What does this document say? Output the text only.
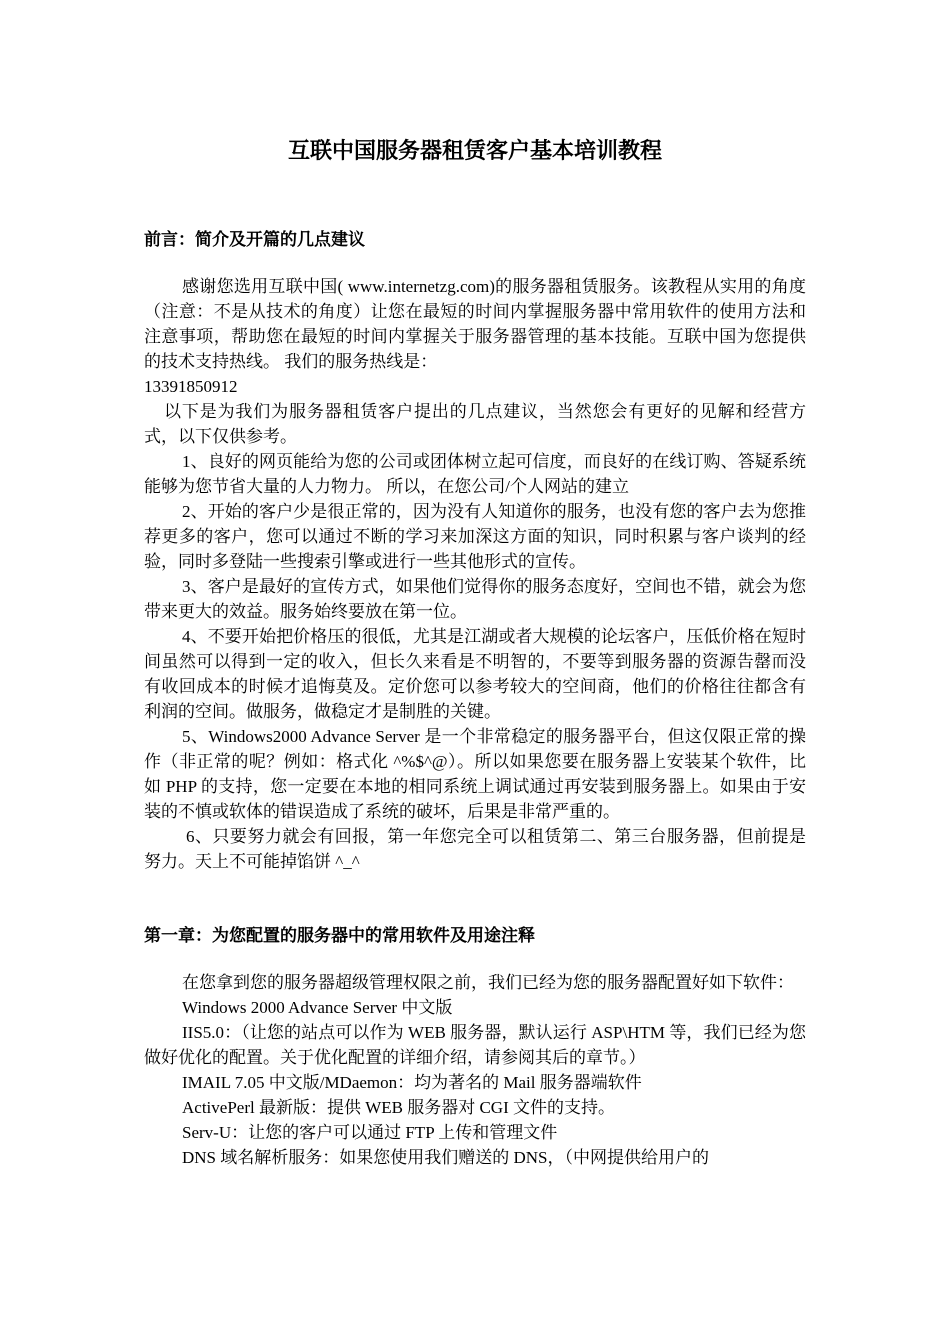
互联中国服务器租赁客户基本培训教程
前言：简介及开篇的几点建议

感谢您选用互联中国( www.internetzg.com)的服务器租赁服务。该教程从实用的角度（注意：不是从技术的角度）让您在最短的时间内掌握服务器中常用软件的使用方法和注意事项，帮助您在最短的时间内掌握关于服务器管理的基本技能。互联中国为您提供的技术支持热线。 我们的服务热线是：

13391850912

以下是为我们为服务器租赁客户提出的几点建议，当然您会有更好的见解和经营方式，以下仅供参考。

1、良好的网页能给为您的公司或团体树立起可信度，而良好的在线订购、答疑系统能够为您节省大量的人力物力。 所以，在您公司/个人网站的建立

2、开始的客户少是很正常的，因为没有人知道你的服务，也没有您的客户去为您推荐更多的客户，您可以通过不断的学习来加深这方面的知识，同时积累与客户谈判的经验，同时多登陆一些搜索引擎或进行一些其他形式的宣传。

3、客户是最好的宣传方式，如果他们觉得你的服务态度好，空间也不错，就会为您带来更大的效益。服务始终要放在第一位。

4、不要开始把价格压的很低，尤其是江湖或者大规模的论坛客户，压低价格在短时间虽然可以得到一定的收入，但长久来看是不明智的，不要等到服务器的资源告罄而没有收回成本的时候才追悔莫及。定价您可以参考较大的空间商，他们的价格往往都含有利润的空间。做服务，做稳定才是制胜的关键。

5、Windows2000 Advance Server 是一个非常稳定的服务器平台，但这仅限正常的操作（非正常的呢？例如：格式化 ^%$^@）。所以如果您要在服务器上安装某个软件，比如 PHP 的支持，您一定要在本地的相同系统上调试通过再安装到服务器上。如果由于安装的不慎或软体的错误造成了系统的破坏，后果是非常严重的。

6、只要努力就会有回报，第一年您完全可以租赁第二、第三台服务器，但前提是努力。天上不可能掉馅饼 ^_^

第一章：为您配置的服务器中的常用软件及用途注释

在您拿到您的服务器超级管理权限之前，我们已经为您的服务器配置好如下软件：

Windows 2000 Advance Server 中文版

IIS5.0：（让您的站点可以作为 WEB 服务器，默认运行 ASP\HTM 等，我们已经为您做好优化的配置。关于优化配置的详细介绍，请参阅其后的章节。）

IMAIL 7.05 中文版/MDaemon：均为著名的 Mail 服务器端软件

ActivePerl 最新版：提供 WEB 服务器对 CGI 文件的支持。

Serv-U：让您的客户可以通过 FTP 上传和管理文件

DNS 域名解析服务：如果您使用我们赠送的 DNS，（中网提供给用户的
